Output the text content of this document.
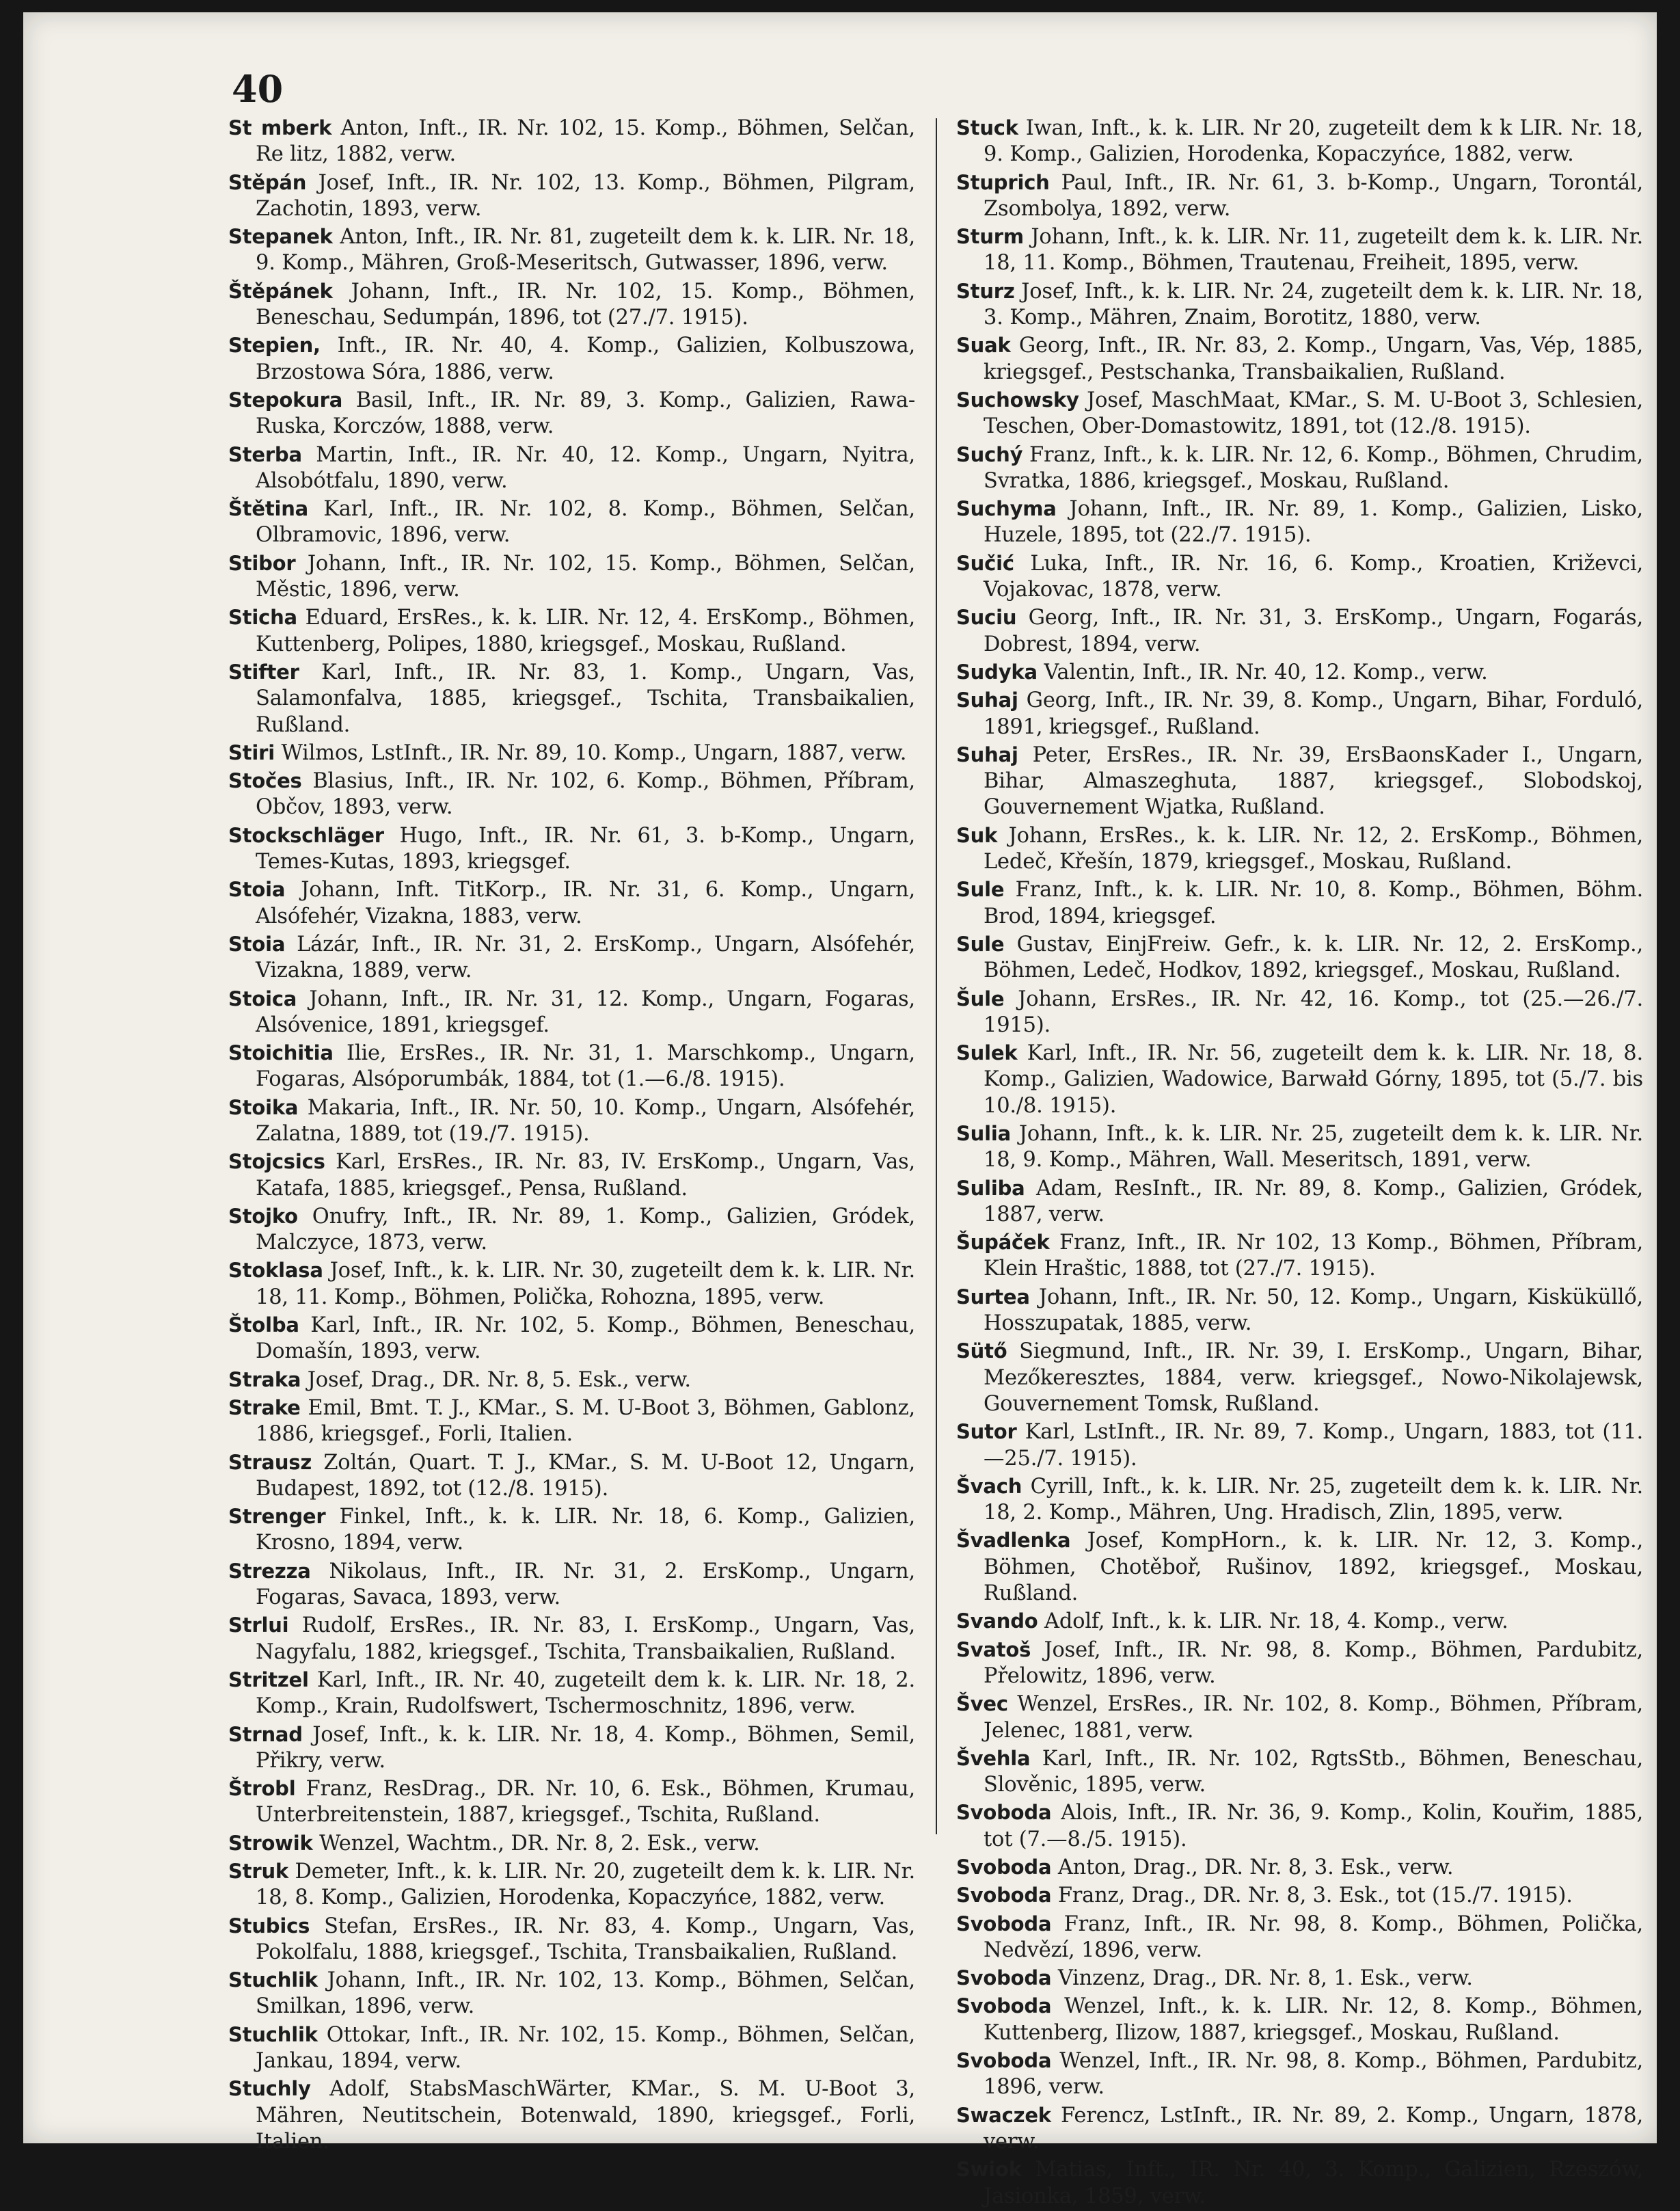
40
St mberk Anton, Inft., IR. Nr. 102, 15. Komp., Böhmen, Selčan, Re litz, 1882, verw.
Stěpán Josef, Inft., IR. Nr. 102, 13. Komp., Böhmen, Pilgram, Zachotin, 1893, verw.
Stepanek Anton, Inft., IR. Nr. 81, zugeteilt dem k. k. LIR. Nr. 18, 9. Komp., Mähren, Groß-Meseritsch, Gutwasser, 1896, verw.
Štěpánek Johann, Inft., IR. Nr. 102, 15. Komp., Böhmen, Beneschau, Sedumpán, 1896, tot (27./7. 1915).
Stepien, Inft., IR. Nr. 40, 4. Komp., Galizien, Kolbuszowa, Brzostowa Sóra, 1886, verw.
Stepokura Basil, Inft., IR. Nr. 89, 3. Komp., Galizien, Rawa-Ruska, Korczów, 1888, verw.
Sterba Martin, Inft., IR. Nr. 40, 12. Komp., Ungarn, Nyitra, Alsobótfalu, 1890, verw.
Štětina Karl, Inft., IR. Nr. 102, 8. Komp., Böhmen, Selčan, Olbramovic, 1896, verw.
Stibor Johann, Inft., IR. Nr. 102, 15. Komp., Böhmen, Selčan, Městic, 1896, verw.
Sticha Eduard, ErsRes., k. k. LIR. Nr. 12, 4. ErsKomp., Böhmen, Kuttenberg, Polipes, 1880, kriegsgef., Moskau, Rußland.
Stifter Karl, Inft., IR. Nr. 83, 1. Komp., Ungarn, Vas, Salamonfalva, 1885, kriegsgef., Tschita, Transbaikalien, Rußland.
Stiri Wilmos, LstInft., IR. Nr. 89, 10. Komp., Ungarn, 1887, verw.
Stočes Blasius, Inft., IR. Nr. 102, 6. Komp., Böhmen, Příbram, Občov, 1893, verw.
Stockschläger Hugo, Inft., IR. Nr. 61, 3. b-Komp., Ungarn, Temes-Kutas, 1893, kriegsgef.
Stoia Johann, Inft. TitKorp., IR. Nr. 31, 6. Komp., Ungarn, Alsófehér, Vizakna, 1883, verw.
Stoia Lázár, Inft., IR. Nr. 31, 2. ErsKomp., Ungarn, Alsófehér, Vizakna, 1889, verw.
Stoica Johann, Inft., IR. Nr. 31, 12. Komp., Ungarn, Fogaras, Alsóvenice, 1891, kriegsgef.
Stoichitia Ilie, ErsRes., IR. Nr. 31, 1. Marschkomp., Ungarn, Fogaras, Alsóporumbák, 1884, tot (1.—6./8. 1915).
Stoika Makaria, Inft., IR. Nr. 50, 10. Komp., Ungarn, Alsófehér, Zalatna, 1889, tot (19./7. 1915).
Stojcsics Karl, ErsRes., IR. Nr. 83, IV. ErsKomp., Ungarn, Vas, Katafa, 1885, kriegsgef., Pensa, Rußland.
Stojko Onufry, Inft., IR. Nr. 89, 1. Komp., Galizien, Gródek, Malczyce, 1873, verw.
Stoklasa Josef, Inft., k. k. LIR. Nr. 30, zugeteilt dem k. k. LIR. Nr. 18, 11. Komp., Böhmen, Polička, Rohozna, 1895, verw.
Štolba Karl, Inft., IR. Nr. 102, 5. Komp., Böhmen, Beneschau, Domašín, 1893, verw.
Straka Josef, Drag., DR. Nr. 8, 5. Esk., verw.
Strake Emil, Bmt. T. J., KMar., S. M. U-Boot 3, Böhmen, Gablonz, 1886, kriegsgef., Forli, Italien.
Strausz Zoltán, Quart. T. J., KMar., S. M. U-Boot 12, Ungarn, Budapest, 1892, tot (12./8. 1915).
Strenger Finkel, Inft., k. k. LIR. Nr. 18, 6. Komp., Galizien, Krosno, 1894, verw.
Strezza Nikolaus, Inft., IR. Nr. 31, 2. ErsKomp., Ungarn, Fogaras, Savaca, 1893, verw.
Strlui Rudolf, ErsRes., IR. Nr. 83, I. ErsKomp., Ungarn, Vas, Nagyfalu, 1882, kriegsgef., Tschita, Transbaikalien, Rußland.
Stritzel Karl, Inft., IR. Nr. 40, zugeteilt dem k. k. LIR. Nr. 18, 2. Komp., Krain, Rudolfswert, Tschermoschnitz, 1896, verw.
Strnad Josef, Inft., k. k. LIR. Nr. 18, 4. Komp., Böhmen, Semil, Přikry, verw.
Štrobl Franz, ResDrag., DR. Nr. 10, 6. Esk., Böhmen, Krumau, Unterbreitenstein, 1887, kriegsgef., Tschita, Rußland.
Strowik Wenzel, Wachtm., DR. Nr. 8, 2. Esk., verw.
Struk Demeter, Inft., k. k. LIR. Nr. 20, zugeteilt dem k. k. LIR. Nr. 18, 8. Komp., Galizien, Horodenka, Kopaczyńce, 1882, verw.
Stubics Stefan, ErsRes., IR. Nr. 83, 4. Komp., Ungarn, Vas, Pokolfalu, 1888, kriegsgef., Tschita, Transbaikalien, Rußland.
Stuchlik Johann, Inft., IR. Nr. 102, 13. Komp., Böhmen, Selčan, Smilkan, 1896, verw.
Stuchlik Ottokar, Inft., IR. Nr. 102, 15. Komp., Böhmen, Selčan, Jankau, 1894, verw.
Stuchly Adolf, StabsMaschWärter, KMar., S. M. U-Boot 3, Mähren, Neutitschein, Botenwald, 1890, kriegsgef., Forli, Italien.
Stuck Iwan, Inft., k. k. LIR. Nr 20, zugeteilt dem k k LIR. Nr. 18, 9. Komp., Galizien, Horodenka, Kopaczyńce, 1882, verw.
Stuprich Paul, Inft., IR. Nr. 61, 3. b-Komp., Ungarn, Torontál, Zsombolya, 1892, verw.
Sturm Johann, Inft., k. k. LIR. Nr. 11, zugeteilt dem k. k. LIR. Nr. 18, 11. Komp., Böhmen, Trautenau, Freiheit, 1895, verw.
Sturz Josef, Inft., k. k. LIR. Nr. 24, zugeteilt dem k. k. LIR. Nr. 18, 3. Komp., Mähren, Znaim, Borotitz, 1880, verw.
Suak Georg, Inft., IR. Nr. 83, 2. Komp., Ungarn, Vas, Vép, 1885, kriegsgef., Pestschanka, Transbaikalien, Rußland.
Suchowsky Josef, MaschMaat, KMar., S. M. U-Boot 3, Schlesien, Teschen, Ober-Domastowitz, 1891, tot (12./8. 1915).
Suchý Franz, Inft., k. k. LIR. Nr. 12, 6. Komp., Böhmen, Chrudim, Svratka, 1886, kriegsgef., Moskau, Rußland.
Suchyma Johann, Inft., IR. Nr. 89, 1. Komp., Galizien, Lisko, Huzele, 1895, tot (22./7. 1915).
Sučić Luka, Inft., IR. Nr. 16, 6. Komp., Kroatien, Križevci, Vojakovac, 1878, verw.
Suciu Georg, Inft., IR. Nr. 31, 3. ErsKomp., Ungarn, Fogarás, Dobrest, 1894, verw.
Sudyka Valentin, Inft., IR. Nr. 40, 12. Komp., verw.
Suhaj Georg, Inft., IR. Nr. 39, 8. Komp., Ungarn, Bihar, Forduló, 1891, kriegsgef., Rußland.
Suhaj Peter, ErsRes., IR. Nr. 39, ErsBaonsKader I., Ungarn, Bihar, Almaszeghuta, 1887, kriegsgef., Slobodskoj, Gouvernement Wjatka, Rußland.
Suk Johann, ErsRes., k. k. LIR. Nr. 12, 2. ErsKomp., Böhmen, Ledeč, Křešín, 1879, kriegsgef., Moskau, Rußland.
Sule Franz, Inft., k. k. LIR. Nr. 10, 8. Komp., Böhmen, Böhm. Brod, 1894, kriegsgef.
Sule Gustav, EinjFreiw. Gefr., k. k. LIR. Nr. 12, 2. ErsKomp., Böhmen, Ledeč, Hodkov, 1892, kriegsgef., Moskau, Rußland.
Šule Johann, ErsRes., IR. Nr. 42, 16. Komp., tot (25.—26./7. 1915).
Sulek Karl, Inft., IR. Nr. 56, zugeteilt dem k. k. LIR. Nr. 18, 8. Komp., Galizien, Wadowice, Barwałd Górny, 1895, tot (5./7. bis 10./8. 1915).
Sulia Johann, Inft., k. k. LIR. Nr. 25, zugeteilt dem k. k. LIR. Nr. 18, 9. Komp., Mähren, Wall. Meseritsch, 1891, verw.
Suliba Adam, ResInft., IR. Nr. 89, 8. Komp., Galizien, Gródek, 1887, verw.
Šupáček Franz, Inft., IR. Nr 102, 13 Komp., Böhmen, Příbram, Klein Hraštic, 1888, tot (27./7. 1915).
Surtea Johann, Inft., IR. Nr. 50, 12. Komp., Ungarn, Kisküküllő, Hosszupatak, 1885, verw.
Sütő Siegmund, Inft., IR. Nr. 39, I. ErsKomp., Ungarn, Bihar, Mezőkeresztes, 1884, verw. kriegsgef., Nowo-Nikolajewsk, Gouvernement Tomsk, Rußland.
Sutor Karl, LstInft., IR. Nr. 89, 7. Komp., Ungarn, 1883, tot (11.—25./7. 1915).
Švach Cyrill, Inft., k. k. LIR. Nr. 25, zugeteilt dem k. k. LIR. Nr. 18, 2. Komp., Mähren, Ung. Hradisch, Zlin, 1895, verw.
Švadlenka Josef, KompHorn., k. k. LIR. Nr. 12, 3. Komp., Böhmen, Chotěboř, Rušinov, 1892, kriegsgef., Moskau, Rußland.
Svando Adolf, Inft., k. k. LIR. Nr. 18, 4. Komp., verw.
Svatoš Josef, Inft., IR. Nr. 98, 8. Komp., Böhmen, Pardubitz, Přelowitz, 1896, verw.
Švec Wenzel, ErsRes., IR. Nr. 102, 8. Komp., Böhmen, Příbram, Jelenec, 1881, verw.
Švehla Karl, Inft., IR. Nr. 102, RgtsStb., Böhmen, Beneschau, Slověnic, 1895, verw.
Svoboda Alois, Inft., IR. Nr. 36, 9. Komp., Kolin, Kouřim, 1885, tot (7.—8./5. 1915).
Svoboda Anton, Drag., DR. Nr. 8, 3. Esk., verw.
Svoboda Franz, Drag., DR. Nr. 8, 3. Esk., tot (15./7. 1915).
Svoboda Franz, Inft., IR. Nr. 98, 8. Komp., Böhmen, Polička, Nedvězí, 1896, verw.
Svoboda Vinzenz, Drag., DR. Nr. 8, 1. Esk., verw.
Svoboda Wenzel, Inft., k. k. LIR. Nr. 12, 8. Komp., Böhmen, Kuttenberg, Ilizow, 1887, kriegsgef., Moskau, Rußland.
Svoboda Wenzel, Inft., IR. Nr. 98, 8. Komp., Böhmen, Pardubitz, 1896, verw.
Swaczek Ferencz, LstInft., IR. Nr. 89, 2. Komp., Ungarn, 1878, verw.
Swiok Matias, Inft., IR. Nr. 40, 3. Komp., Galizien, Rzeszów, Jasionka, 1859, verw.
